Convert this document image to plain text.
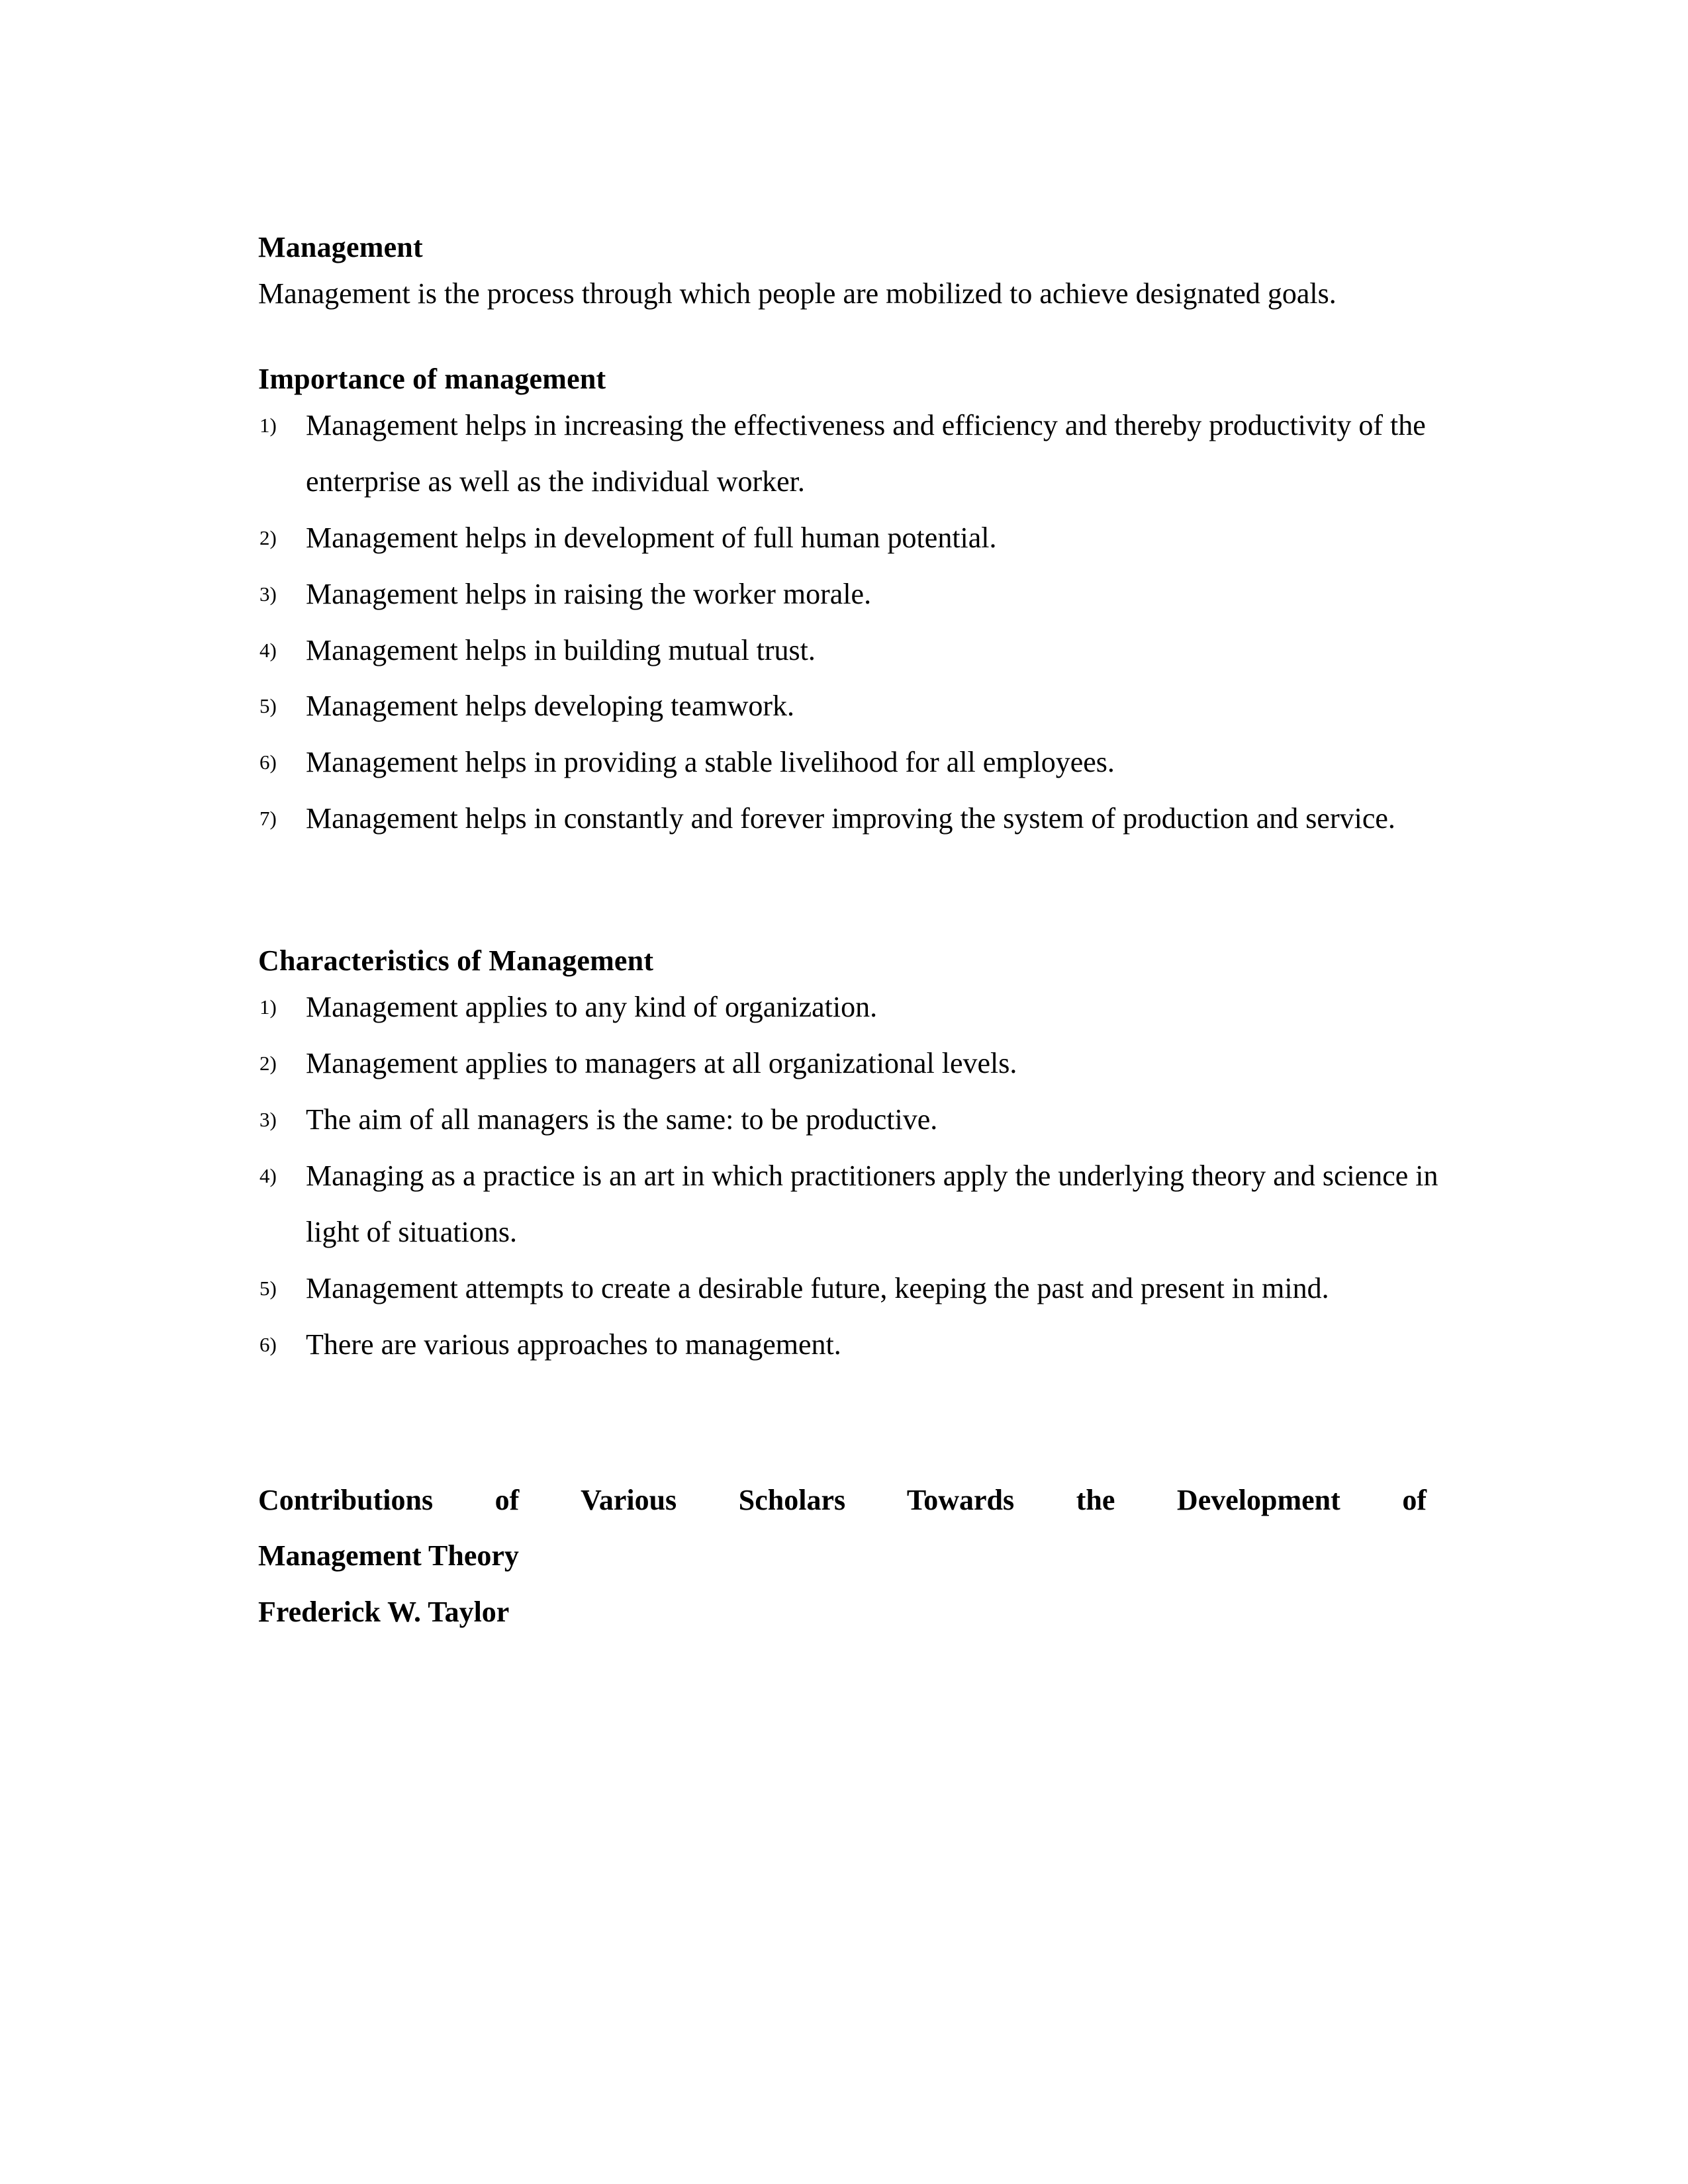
Management

Management is the process through which people are mobilized to achieve designated goals.

Importance of management

1) Management helps in increasing the effectiveness and efficiency and thereby productivity of the enterprise as well as the individual worker.
2) Management helps in development of full human potential.
3) Management helps in raising the worker morale.
4) Management helps in building mutual trust.
5) Management helps developing teamwork.
6) Management helps in providing a stable livelihood for all employees.
7) Management helps in constantly and forever improving the system of production and service.

Characteristics of Management

1) Management applies to any kind of organization.
2) Management applies to managers at all organizational levels.
3) The aim of all managers is the same: to be productive.
4) Managing as a practice is an art in which practitioners apply the underlying theory and science in light of situations.
5) Management attempts to create a desirable future, keeping the past and present in mind.
6) There are various approaches to management.

Contributions of Various Scholars Towards the Development of

Management Theory

Frederick W. Taylor
